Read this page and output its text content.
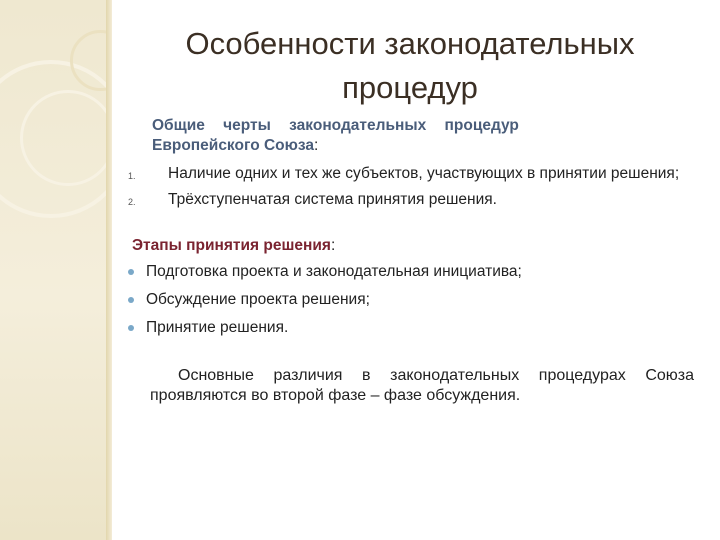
Особенности законодательных процедур
Общие черты законодательных процедур
Европейского Союза:
1. Наличие одних и тех же субъектов, участвующих в принятии решения;
2. Трёхступенчатая система принятия решения.
Этапы принятия решения:
Подготовка проекта и законодательная инициатива;
Обсуждение проекта решения;
Принятие решения.
Основные различия в законодательных процедурах Союза проявляются во второй фазе – фазе обсуждения.
